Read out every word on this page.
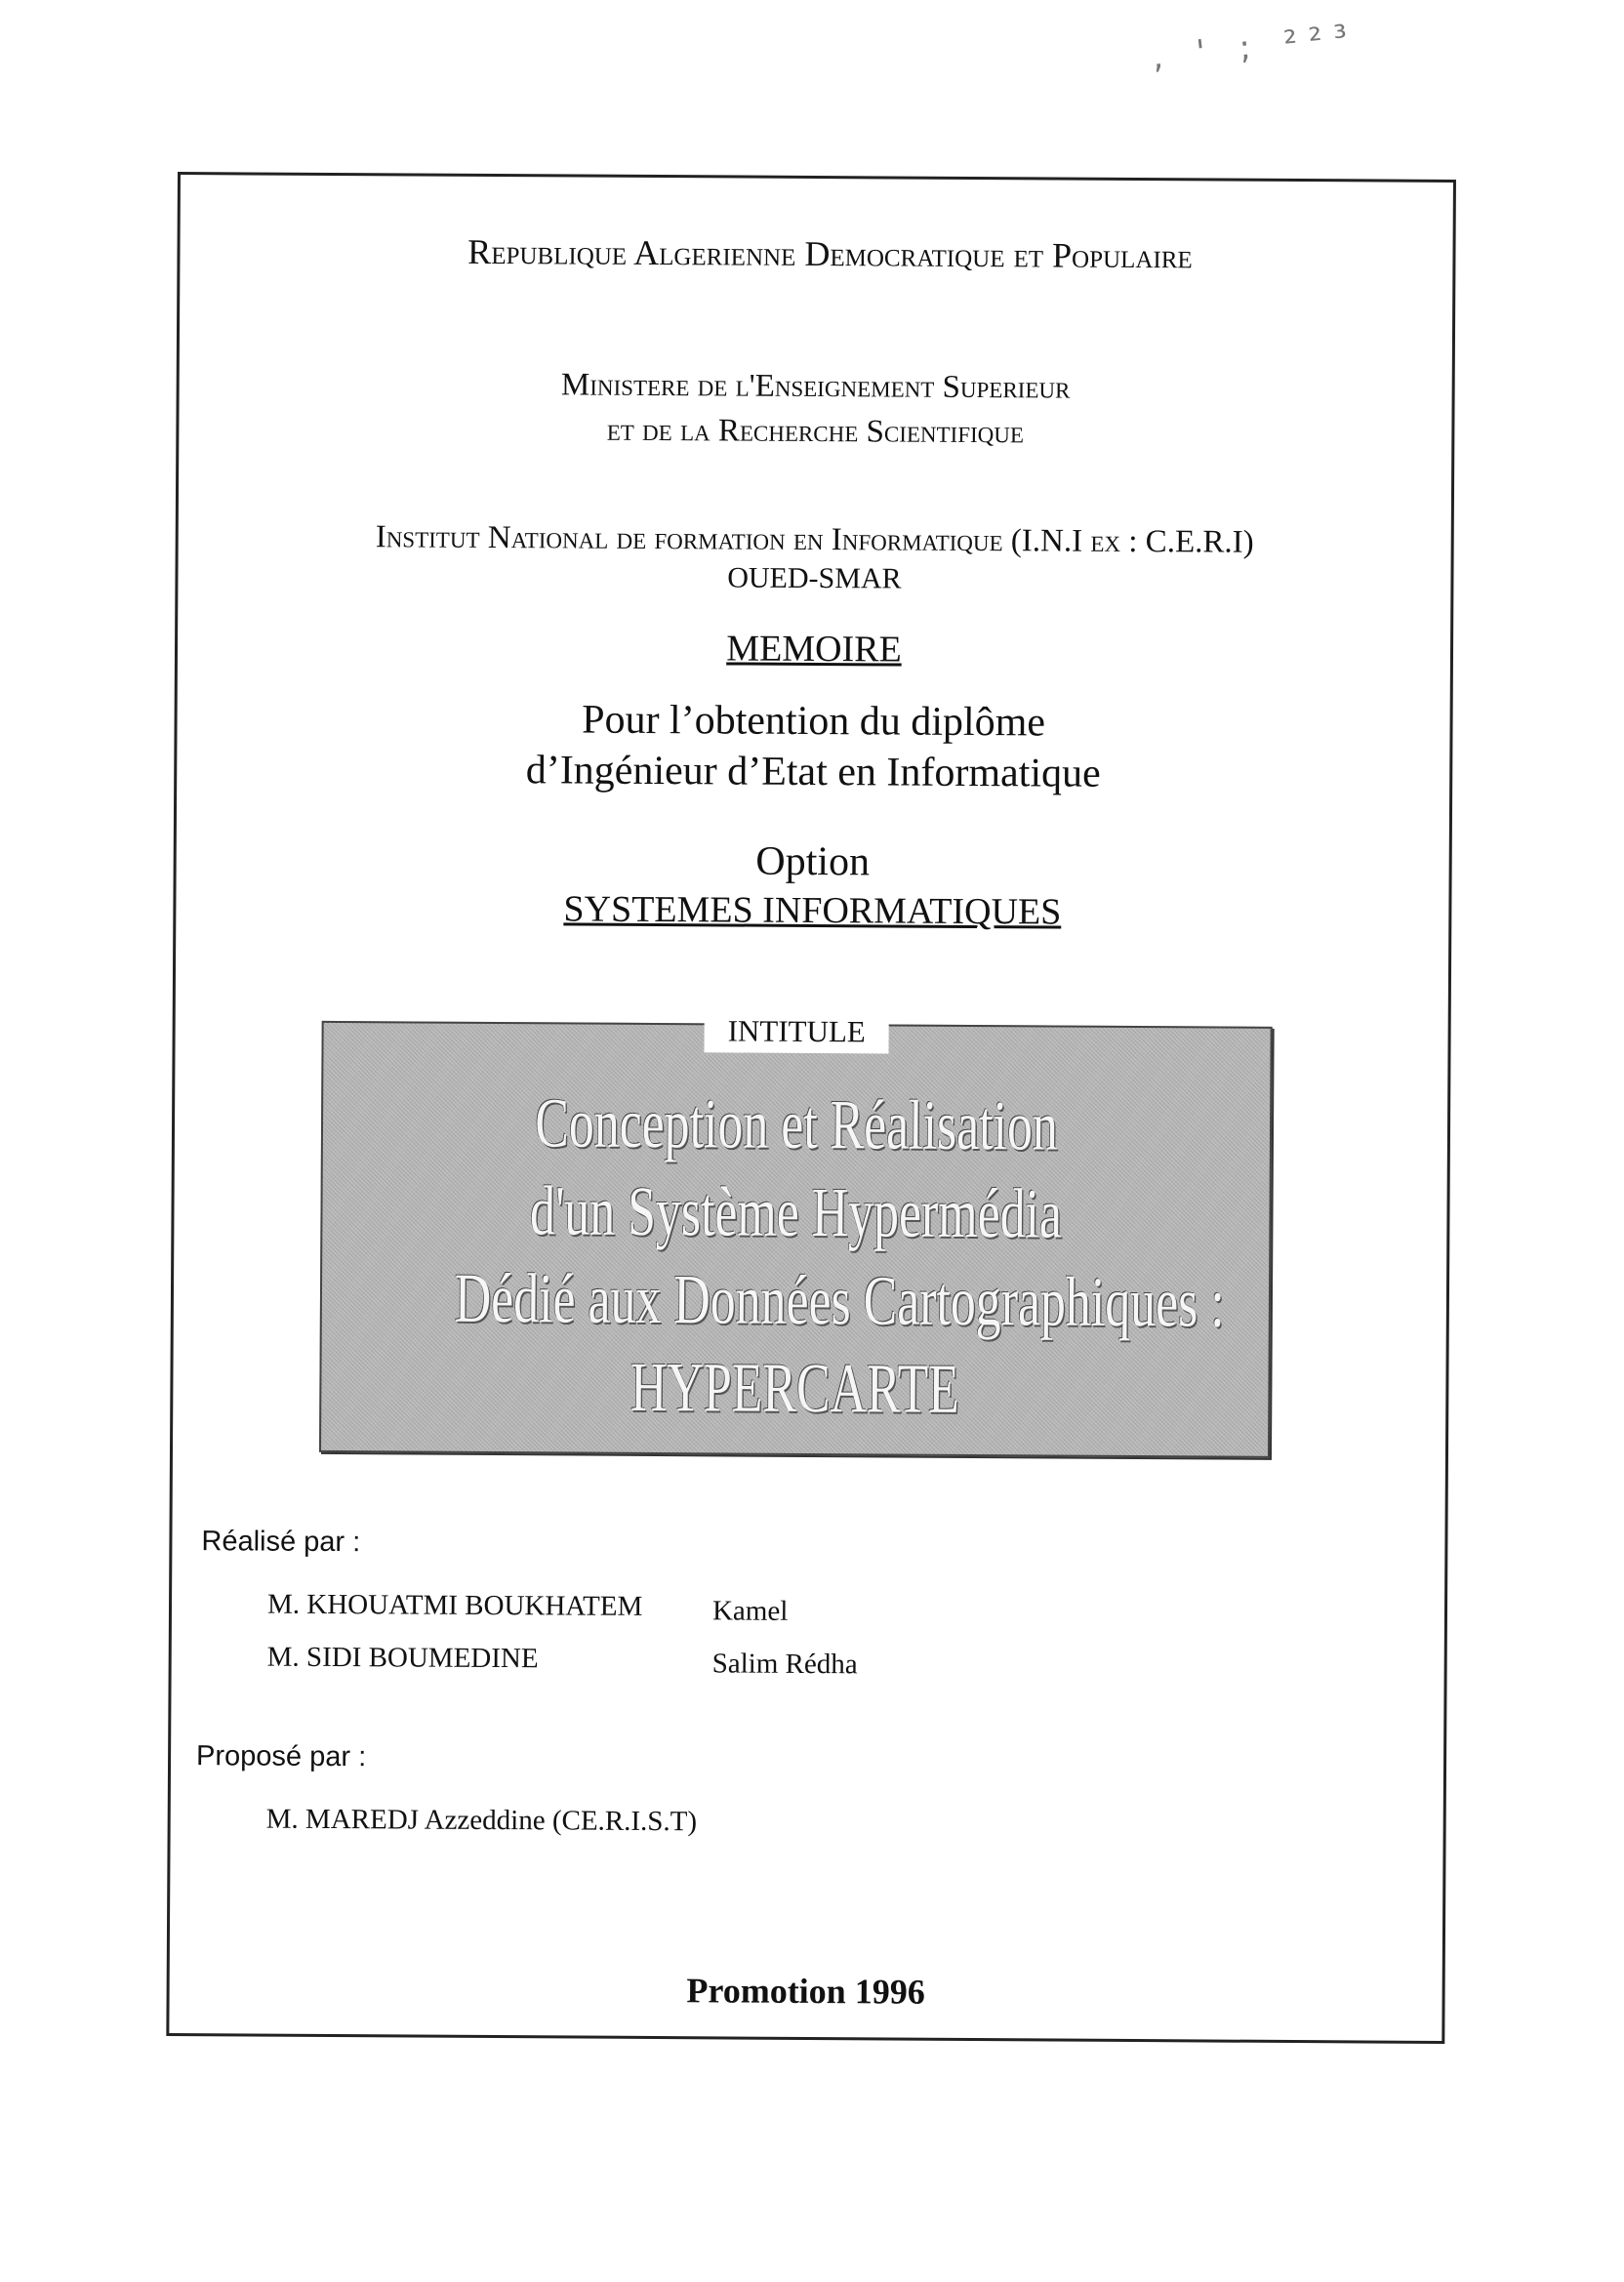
, ' ; ²²³
Republique Algerienne Democratique et Populaire
Ministere de l'Enseignement Superieur
et de la Recherche Scientifique
Institut National de formation en Informatique (I.N.I ex : C.E.R.I)
OUED-SMAR
MEMOIRE
Pour l’obtention du diplôme
d’Ingénieur d’Etat en Informatique
Option
SYSTEMES INFORMATIQUES
INTITULE
Conception et Réalisation
d'un Système Hypermédia
Dédié aux Données Cartographiques :
HYPERCARTE
Réalisé par :
M. KHOUATMI BOUKHATEM Kamel
M. SIDI BOUMEDINE	Salim Rédha
Proposé par :
M. MAREDJ Azzeddine (CE.R.I.S.T)
Promotion 1996
